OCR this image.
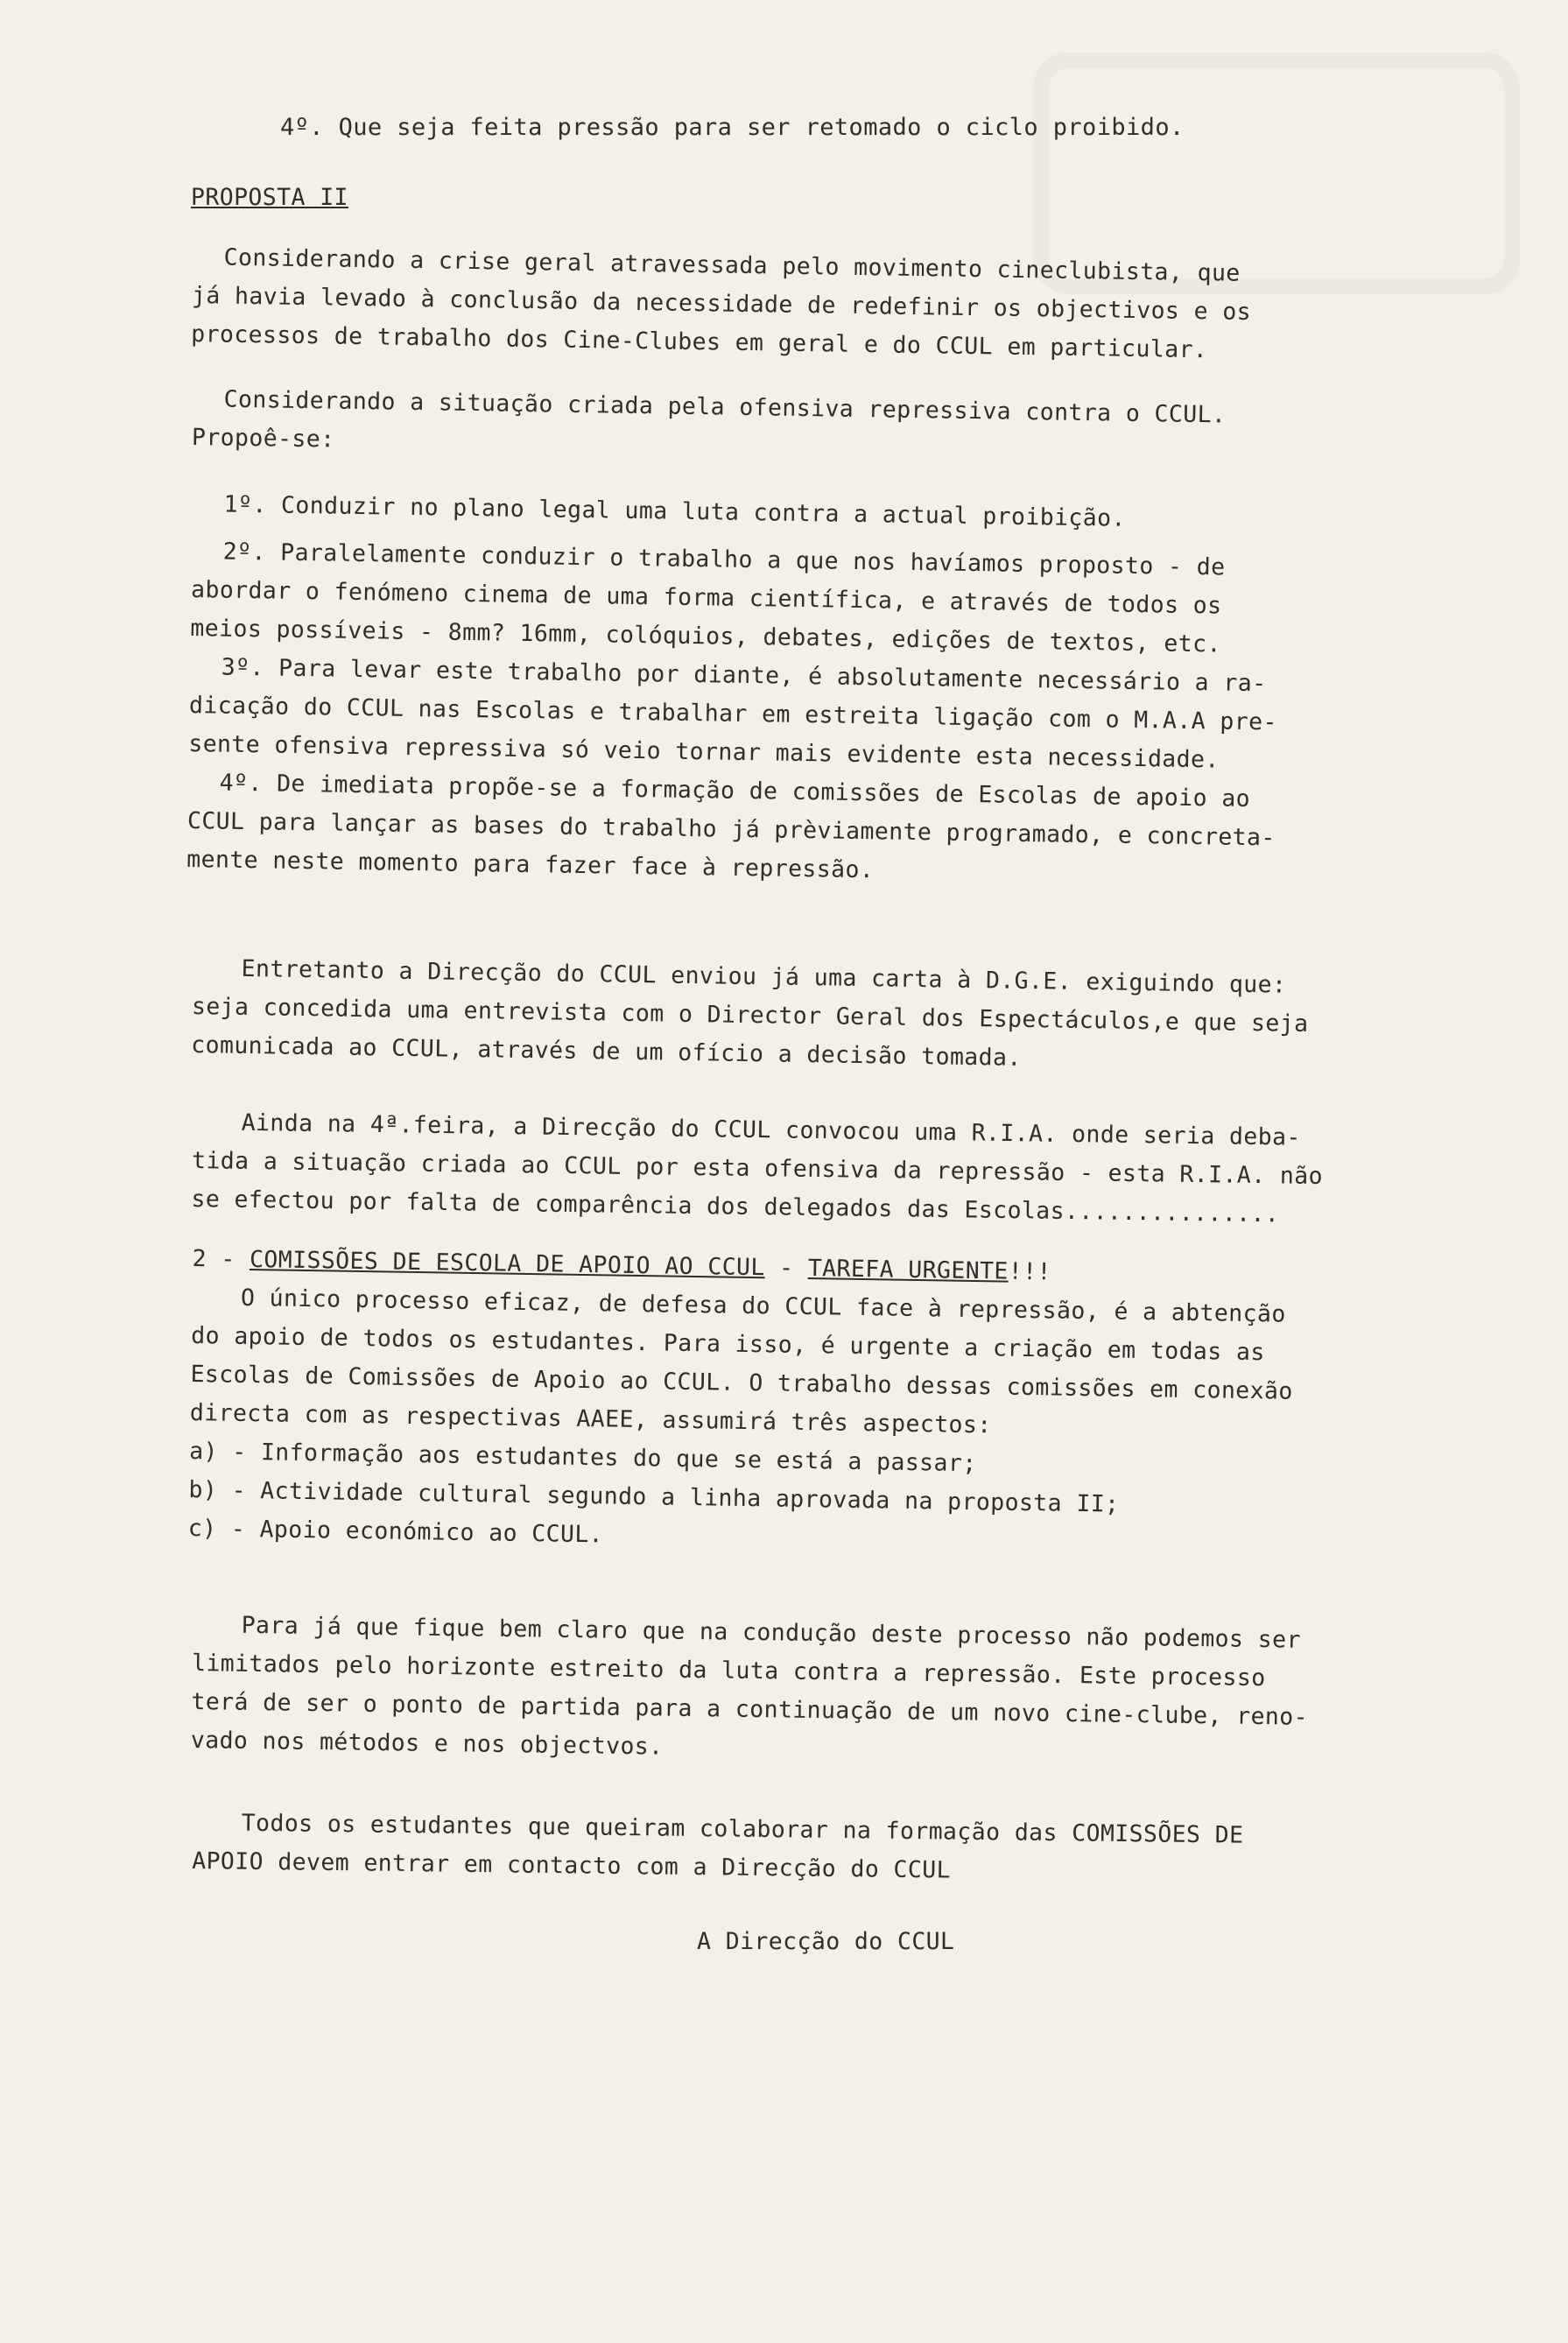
4º. Que seja feita pressão para ser retomado o ciclo proibido.

PROPOSTA II

Considerando a crise geral atravessada pelo movimento cineclubista, que
já havia levado à conclusão da necessidade de redefinir os objectivos e os
processos de trabalho dos Cine-Clubes em geral e do CCUL em particular.
Considerando a situação criada pela ofensiva repressiva contra o CCUL.
Propoê-se:
1º. Conduzir no plano legal uma luta contra a actual proibição.
2º. Paralelamente conduzir o trabalho a que nos havíamos proposto - de
abordar o fenómeno cinema de uma forma científica, e através de todos os
meios possíveis - 8mm? 16mm, colóquios, debates, edições de textos, etc.
3º. Para levar este trabalho por diante, é absolutamente necessário a ra-
dicação do CCUL nas Escolas e trabalhar em estreita ligação com o M.A.A pre-
sente ofensiva repressiva só veio tornar mais evidente esta necessidade.
4º. De imediata propõe-se a formação de comissões de Escolas de apoio ao
CCUL para lançar as bases do trabalho já prèviamente programado, e concreta-
mente neste momento para fazer face à repressão.
Entretanto a Direcção do CCUL enviou já uma carta à D.G.E. exiguindo que:
seja concedida uma entrevista com o Director Geral dos Espectáculos,e que seja
comunicada ao CCUL, através de um ofício a decisão tomada.
Ainda na 4ª.feira, a Direcção do CCUL convocou uma R.I.A. onde seria deba-
tida a situação criada ao CCUL por esta ofensiva da repressão - esta R.I.A. não
se efectou por falta de comparência dos delegados das Escolas...............
2 - COMISSÕES DE ESCOLA DE APOIO AO CCUL - TAREFA URGENTE!!!
O único processo eficaz, de defesa do CCUL face à repressão, é a abtenção
do apoio de todos os estudantes. Para isso, é urgente a criação em todas as
Escolas de Comissões de Apoio ao CCUL. O trabalho dessas comissões em conexão
directa com as respectivas AAEE, assumirá três aspectos:
a) - Informação aos estudantes do que se está a passar;
b) - Actividade cultural segundo a linha aprovada na proposta II;
c) - Apoio económico ao CCUL.
Para já que fique bem claro que na condução deste processo não podemos ser
limitados pelo horizonte estreito da luta contra a repressão. Este processo
terá de ser o ponto de partida para a continuação de um novo cine-clube, reno-
vado nos métodos e nos objectvos.
Todos os estudantes que queiram colaborar na formação das COMISSÕES DE
APOIO devem entrar em contacto com a Direcção do CCUL

A Direcção do CCUL
